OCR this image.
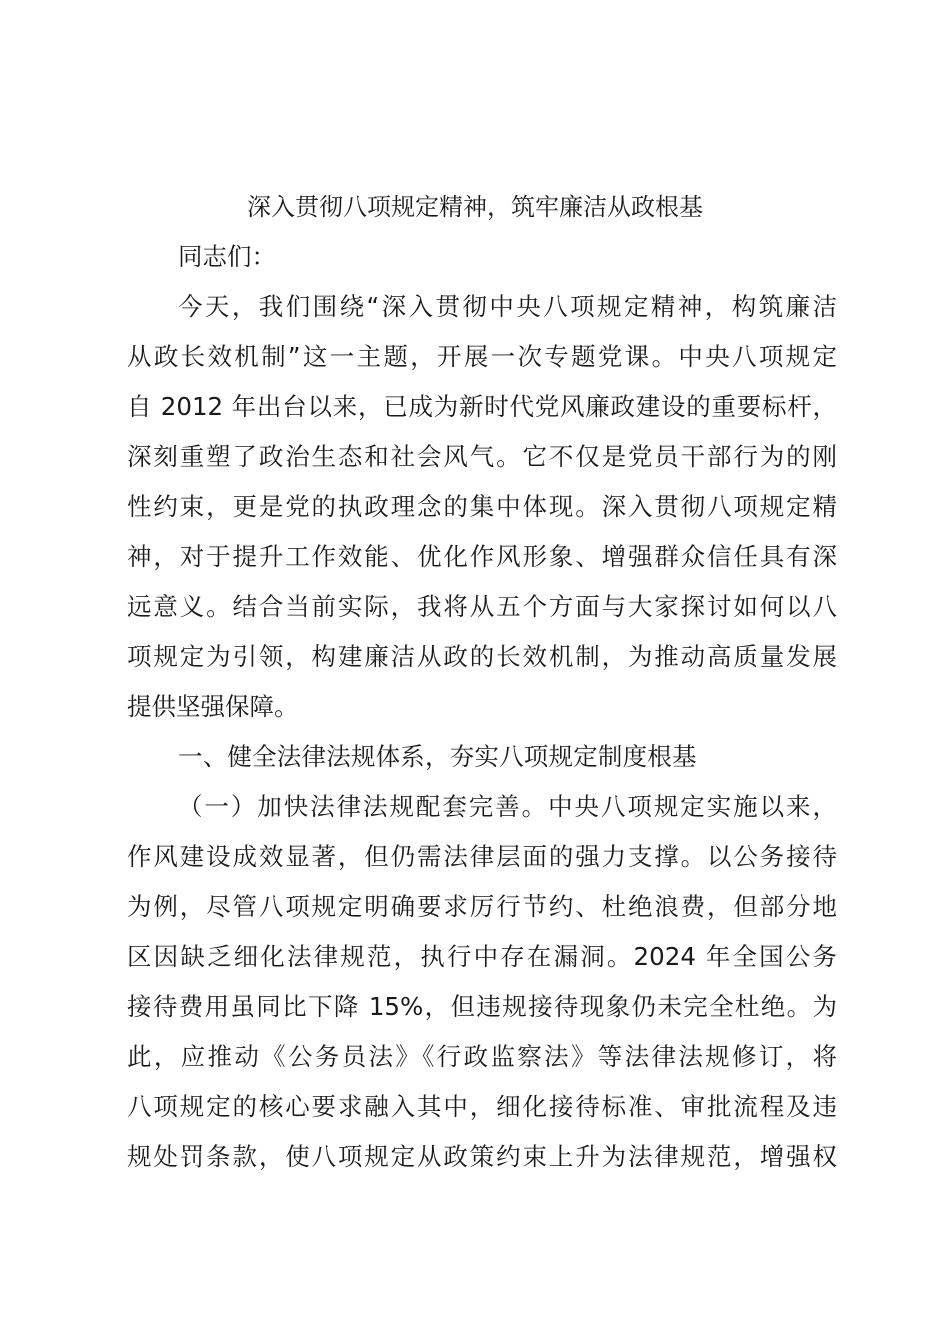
深入贯彻八项规定精神，筑牢廉洁从政根基
同志们：
今天，我们围绕“深入贯彻中央八项规定精神，构筑廉洁
从政长效机制”这一主题，开展一次专题党课。中央八项规定
自 2012 年出台以来，已成为新时代党风廉政建设的重要标杆，
深刻重塑了政治生态和社会风气。它不仅是党员干部行为的刚
性约束，更是党的执政理念的集中体现。深入贯彻八项规定精
神，对于提升工作效能、优化作风形象、增强群众信任具有深
远意义。结合当前实际，我将从五个方面与大家探讨如何以八
项规定为引领，构建廉洁从政的长效机制，为推动高质量发展
提供坚强保障。
一、健全法律法规体系，夯实八项规定制度根基
（一）加快法律法规配套完善。中央八项规定实施以来，
作风建设成效显著，但仍需法律层面的强力支撑。以公务接待
为例，尽管八项规定明确要求厉行节约、杜绝浪费，但部分地
区因缺乏细化法律规范，执行中存在漏洞。2024 年全国公务
接待费用虽同比下降 15%，但违规接待现象仍未完全杜绝。为
此，应推动《公务员法》《行政监察法》等法律法规修订，将
八项规定的核心要求融入其中，细化接待标准、审批流程及违
规处罚条款，使八项规定从政策约束上升为法律规范，增强权
